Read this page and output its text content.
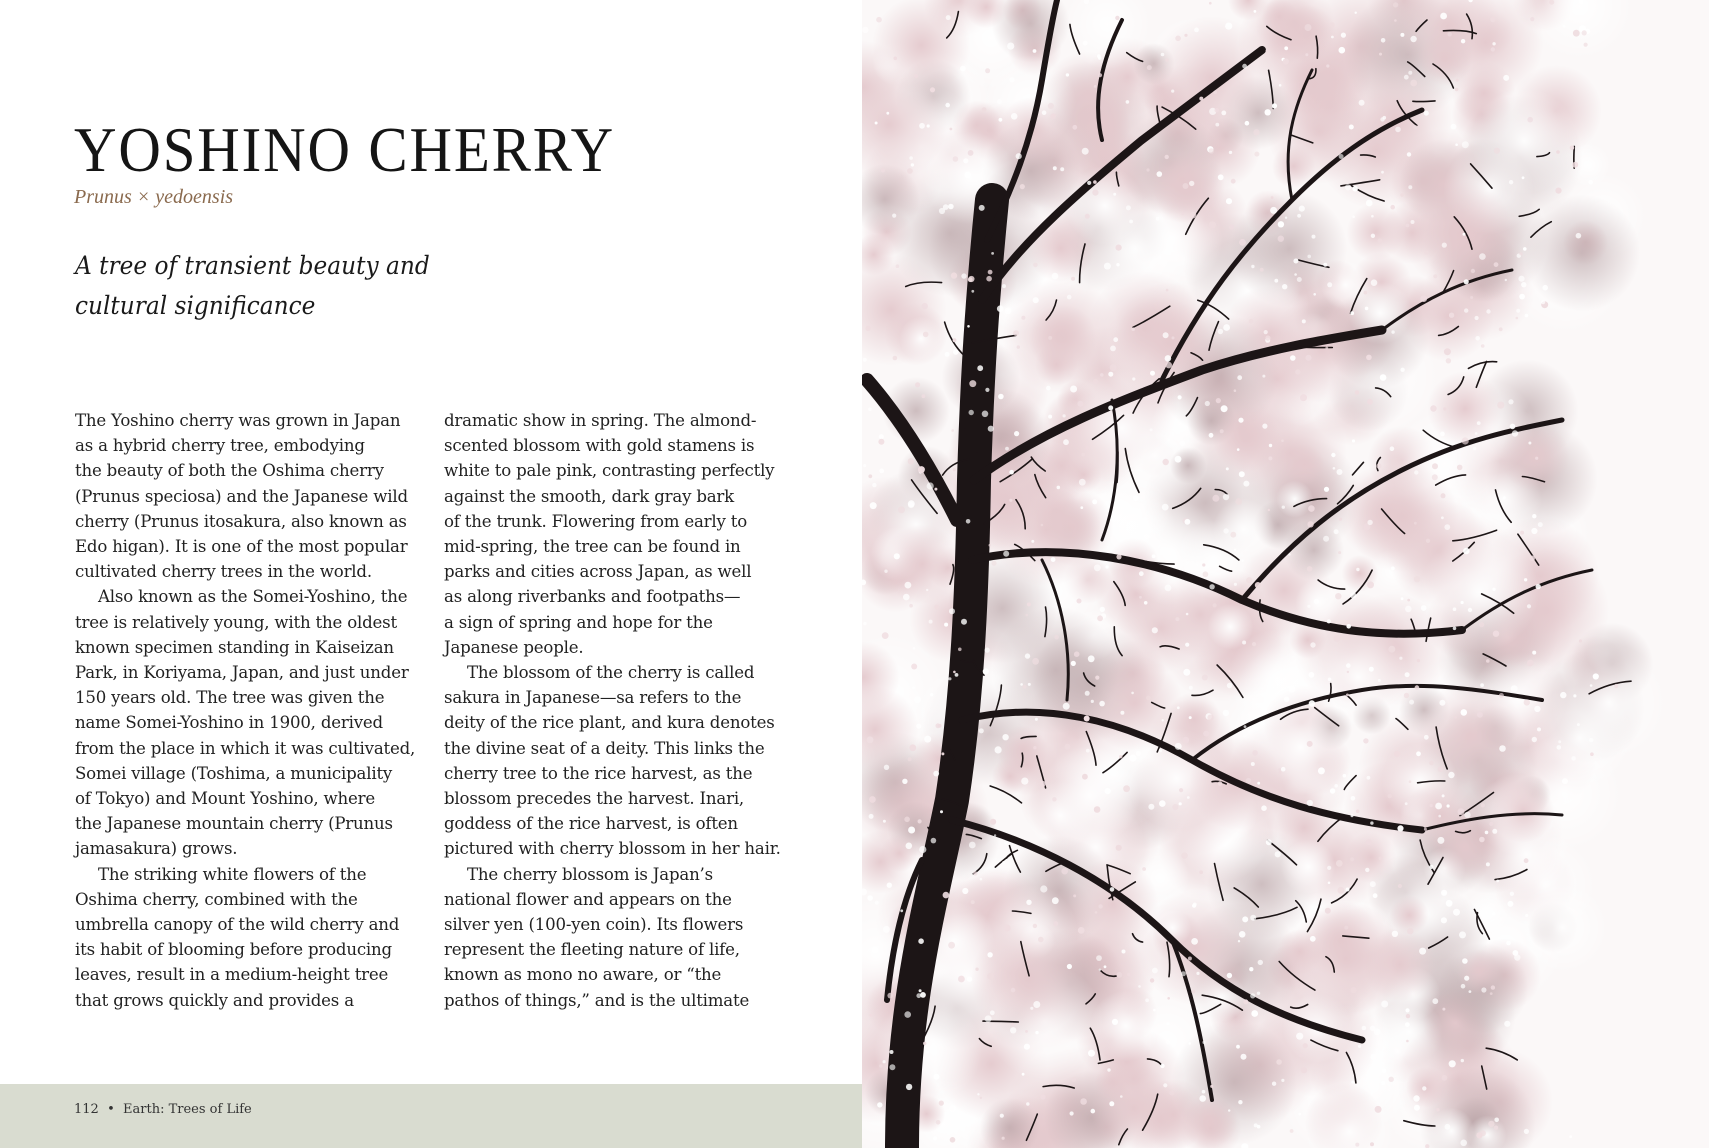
YOSHINO CHERRY

Prunus × yedoensis

A tree of transient beauty and
cultural significance

The Yoshino cherry was grown in Japan
as a hybrid cherry tree, embodying
the beauty of both the Oshima cherry
(Prunus speciosa) and the Japanese wild
cherry (Prunus itosakura, also known as
Edo higan). It is one of the most popular
cultivated cherry trees in the world.

Also known as the Somei-Yoshino, the
tree is relatively young, with the oldest
known specimen standing in Kaiseizan
Park, in Koriyama, Japan, and just under
150 years old. The tree was given the
name Somei-Yoshino in 1900, derived
from the place in which it was cultivated,
Somei village (Toshima, a municipality
of Tokyo) and Mount Yoshino, where
the Japanese mountain cherry (Prunus
jamasakura) grows.

The striking white flowers of the
Oshima cherry, combined with the
umbrella canopy of the wild cherry and
its habit of blooming before producing
leaves, result in a medium-height tree
that grows quickly and provides a

dramatic show in spring. The almond-
scented blossom with gold stamens is
white to pale pink, contrasting perfectly
against the smooth, dark gray bark
of the trunk. Flowering from early to
mid-spring, the tree can be found in
parks and cities across Japan, as well
as along riverbanks and footpaths—
a sign of spring and hope for the
Japanese people.

The blossom of the cherry is called
sakura in Japanese—sa refers to the
deity of the rice plant, and kura denotes
the divine seat of a deity. This links the
cherry tree to the rice harvest, as the
blossom precedes the harvest. Inari,
goddess of the rice harvest, is often
pictured with cherry blossom in her hair.

The cherry blossom is Japan’s
national flower and appears on the
silver yen (100-yen coin). Its flowers
represent the fleeting nature of life,
known as mono no aware, or “the
pathos of things,” and is the ultimate

112 • Earth: Trees of Life
